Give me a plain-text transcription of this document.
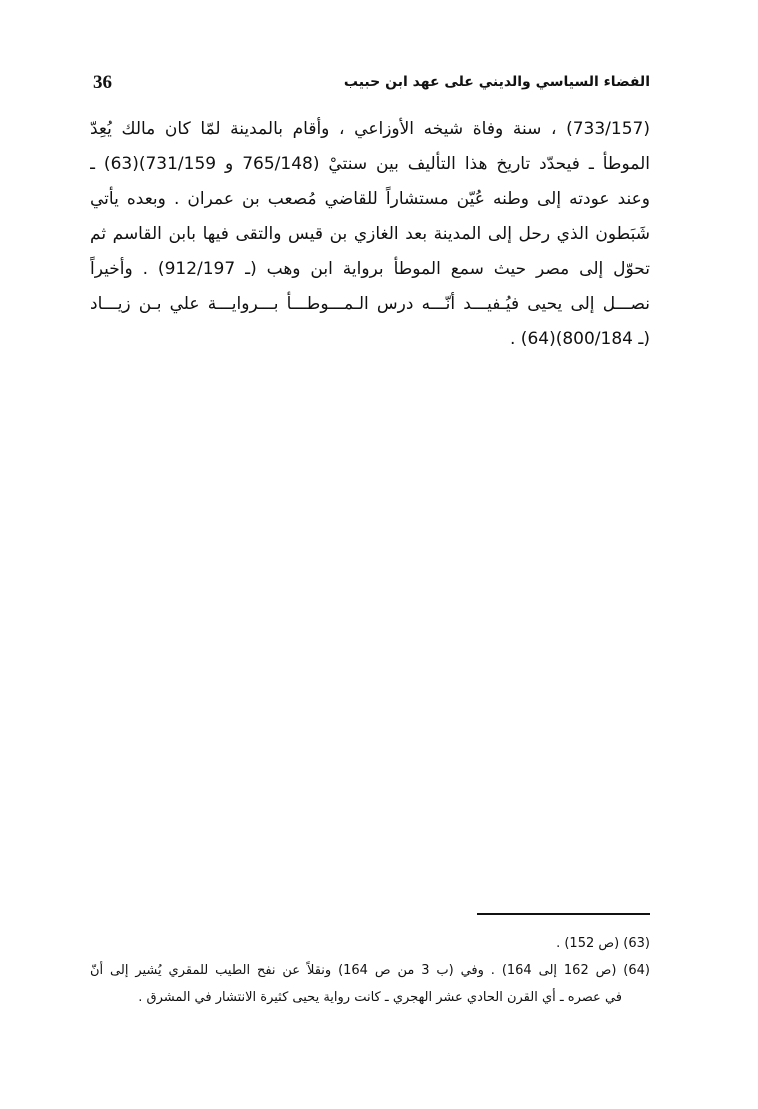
36	الفضاء السياسي والديني على عهد ابن حبيب
(733/157) ، سنة وفاة شيخه الأوزاعي ، وأقام بالمدينة لمّا كان مالك يُعِدّ
الموطأ ـ فيحدّد تاريخ هذا التأليف بين سنتيْ (765/148 و 731/159)(63) ـ
وعند عودته إلى وطنه عُيّن مستشاراً للقاضي مُصعب بن عمران . وبعده يأتي
شَبَطون الذي رحل إلى المدينة بعد الغازي بن قيس والتقى فيها بابن القاسم ثم
تحوّل إلى مصر حيث سمع الموطأ برواية ابن وهب (ـ 912/197) . وأخيراً
نصـــل إلى يحيى فيُـفيـــد أنّـــه درس الـمـــوطـــأ بـــروايـــة علي بـن زيـــاد
(ـ 800/184)(64) .
(63) (ص 152) .
(64) (ص 162 إلى 164) . وفي (ب 3 من ص 164) ونقلاً عن نفح الطيب للمقري يُشير إلى أنّ
في عصره ـ أي القرن الحادي عشر الهجري ـ كانت رواية يحيى كثيرة الانتشار في المشرق .
